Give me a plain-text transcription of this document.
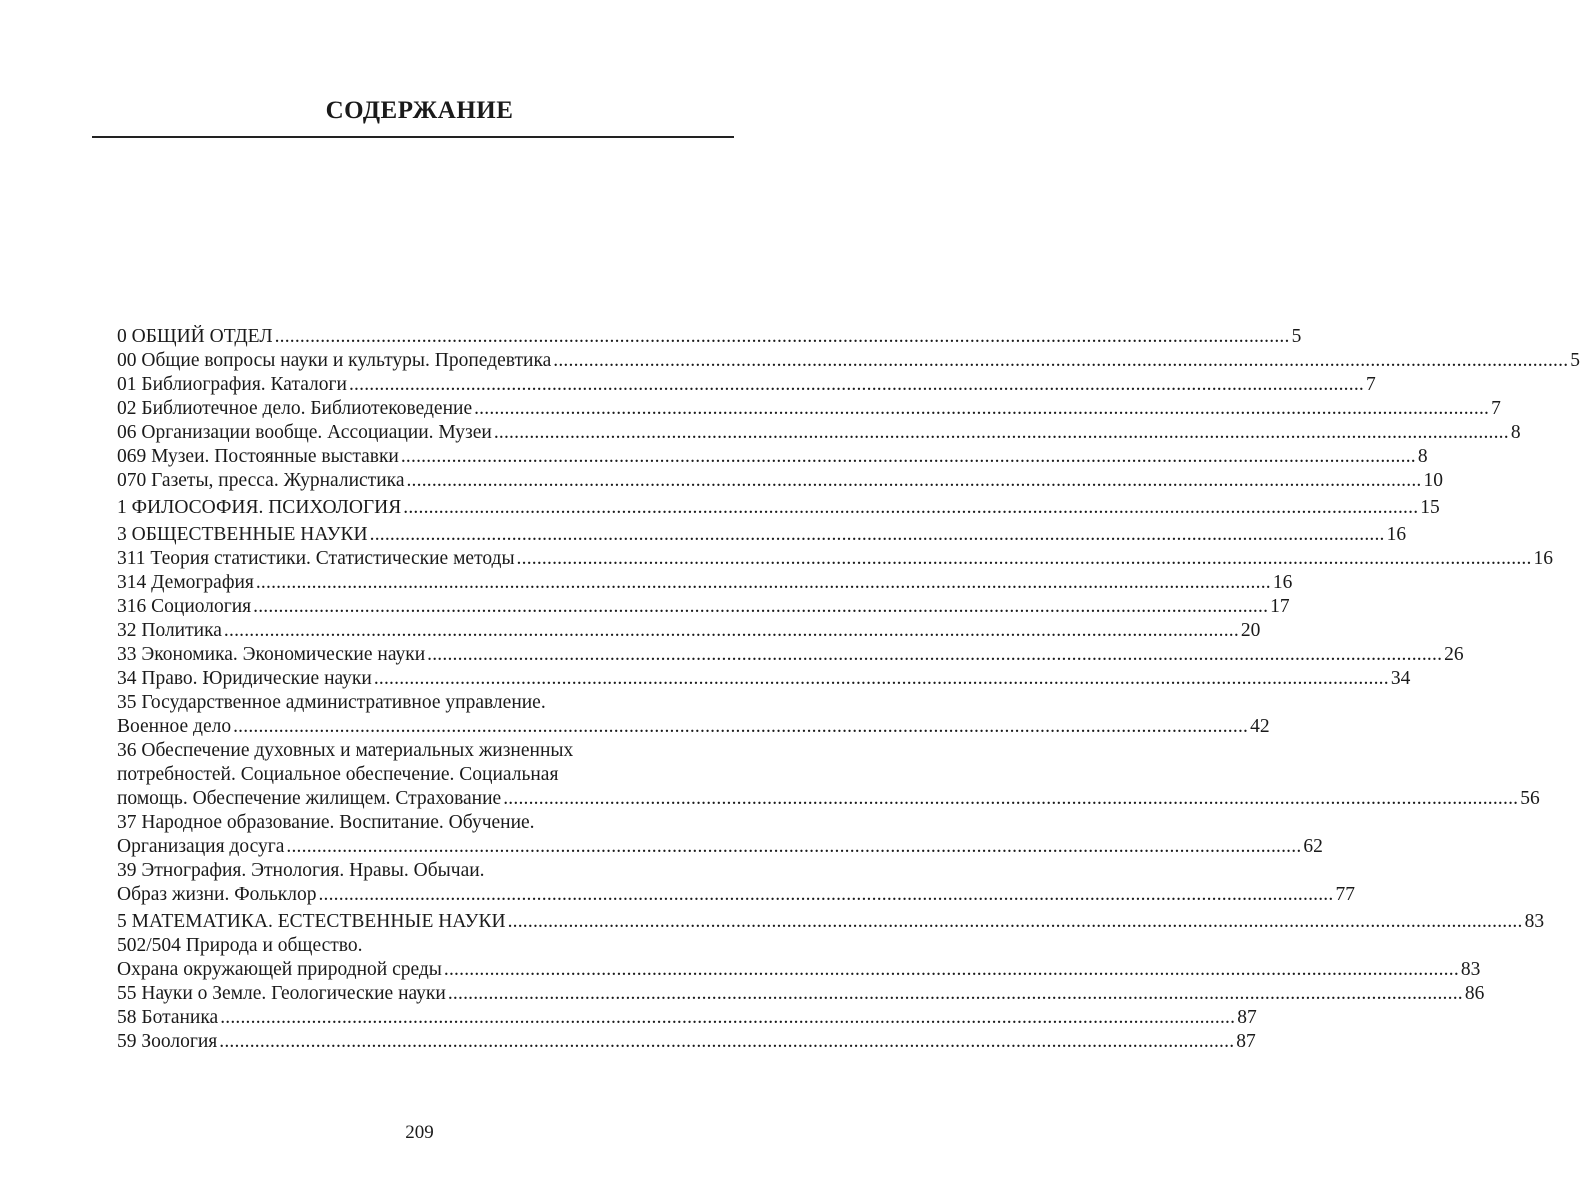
СОДЕРЖАНИЕ
0 ОБЩИЙ ОТДЕЛ ........................................................................................................................................................................................................ 5
00 Общие вопросы науки и культуры. Пропедевтика ........................................................................................................................................................................................................ 5
01 Библиография. Каталоги ........................................................................................................................................................................................................ 7
02 Библиотечное дело. Библиотековедение ........................................................................................................................................................................................................ 7
06 Организации вообще. Ассоциации. Музеи ........................................................................................................................................................................................................ 8
069 Музеи. Постоянные выставки ........................................................................................................................................................................................................ 8
070 Газеты, пресса. Журналистика ........................................................................................................................................................................................................ 10
1 ФИЛОСОФИЯ. ПСИХОЛОГИЯ ........................................................................................................................................................................................................ 15
3 ОБЩЕСТВЕННЫЕ НАУКИ ........................................................................................................................................................................................................ 16
311 Теория статистики. Статистические методы ........................................................................................................................................................................................................ 16
314 Демография ........................................................................................................................................................................................................ 16
316 Социология ........................................................................................................................................................................................................ 17
32 Политика ........................................................................................................................................................................................................ 20
33 Экономика. Экономические науки ........................................................................................................................................................................................................ 26
34 Право. Юридические науки ........................................................................................................................................................................................................ 34
35 Государственное административное управление.
Военное дело ........................................................................................................................................................................................................ 42
36 Обеспечение духовных и материальных жизненных
потребностей. Социальное обеспечение. Социальная
помощь. Обеспечение жилищем. Страхование ........................................................................................................................................................................................................ 56
37 Народное образование. Воспитание. Обучение.
Организация досуга ........................................................................................................................................................................................................ 62
39 Этнография. Этнология. Нравы. Обычаи.
Образ жизни. Фольклор ........................................................................................................................................................................................................ 77
5 МАТЕМАТИКА. ЕСТЕСТВЕННЫЕ НАУКИ ........................................................................................................................................................................................................ 83
502/504 Природа и общество.
Охрана окружающей природной среды ........................................................................................................................................................................................................ 83
55 Науки о Земле. Геологические науки ........................................................................................................................................................................................................ 86
58 Ботаника ........................................................................................................................................................................................................ 87
59 Зоология ........................................................................................................................................................................................................ 87
209
